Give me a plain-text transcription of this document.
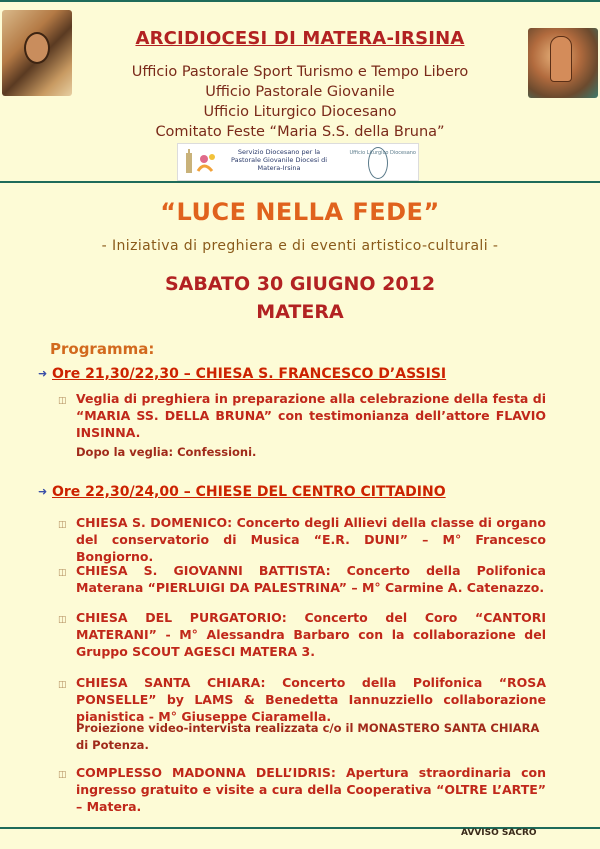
ARCIDIOCESI DI MATERA-IRSINA
Ufficio Pastorale Sport Turismo e Tempo Libero
Ufficio Pastorale Giovanile
Ufficio Liturgico Diocesano
Comitato Feste “Maria S.S. della Bruna”
Servizio Diocesano per la Pastorale Giovanile Diocesi di Matera-Irsina
Ufficio Liturgico Diocesano
“LUCE NELLA FEDE”
- Iniziativa di preghiera e di eventi artistico-culturali -
SABATO 30 GIUGNO 2012
MATERA
Programma:
➜ Ore 21,30/22,30 – CHIESA S. FRANCESCO D’ASSISI
◫ Veglia di preghiera in preparazione alla celebrazione della festa di “MARIA SS. DELLA BRUNA” con testimonianza dell’attore FLAVIO INSINNA.
Dopo la veglia: Confessioni.
➜ Ore 22,30/24,00 – CHIESE DEL CENTRO CITTADINO
◫ CHIESA S. DOMENICO: Concerto degli Allievi della classe di organo del conservatorio di Musica “E.R. DUNI” – M° Francesco Bongiorno.
◫ CHIESA S. GIOVANNI BATTISTA: Concerto della Polifonica Materana “PIERLUIGI DA PALESTRINA” – M° Carmine A. Catenazzo.
◫ CHIESA DEL PURGATORIO: Concerto del Coro “CANTORI MATERANI” - M° Alessandra Barbaro con la collaborazione del Gruppo SCOUT AGESCI MATERA 3.
◫ CHIESA SANTA CHIARA: Concerto della Polifonica “ROSA PONSELLE” by LAMS & Benedetta Iannuzziello collaborazione pianistica - M° Giuseppe Ciaramella.
Proiezione video-intervista realizzata c/o il MONASTERO SANTA CHIARA di Potenza.
◫ COMPLESSO MADONNA DELL’IDRIS: Apertura straordinaria con ingresso gratuito e visite a cura della Cooperativa “OLTRE L’ARTE” – Matera.
AVVISO SACRO
